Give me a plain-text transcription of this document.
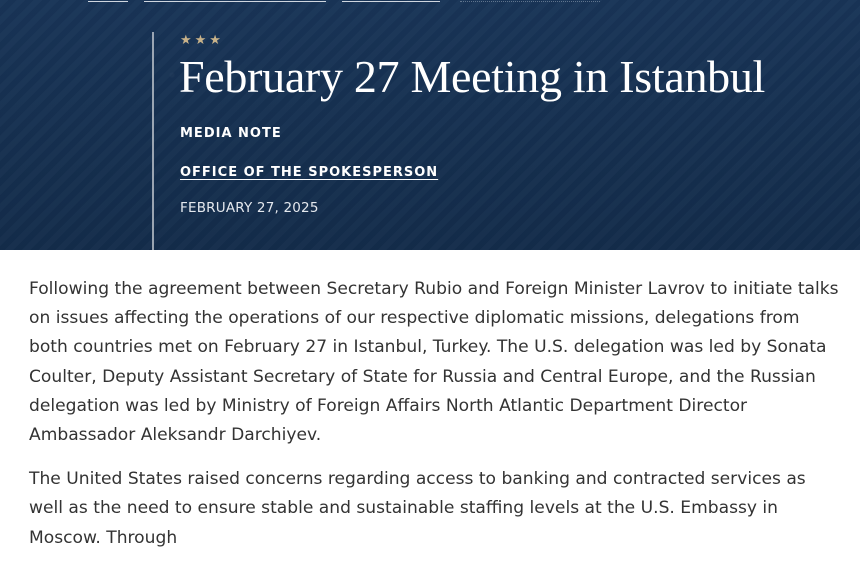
★★★
February 27 Meeting in Istanbul
MEDIA NOTE
OFFICE OF THE SPOKESPERSON
FEBRUARY 27, 2025

Following the agreement between Secretary Rubio and Foreign Minister Lavrov to initiate talks on issues affecting the operations of our respective diplomatic missions, delegations from both countries met on February 27 in Istanbul, Turkey. The U.S. delegation was led by Sonata Coulter, Deputy Assistant Secretary of State for Russia and Central Europe, and the Russian delegation was led by Ministry of Foreign Affairs North Atlantic Department Director Ambassador Aleksandr Darchiyev.

The United States raised concerns regarding access to banking and contracted services as well as the need to ensure stable and sustainable staffing levels at the U.S. Embassy in Moscow. Through
